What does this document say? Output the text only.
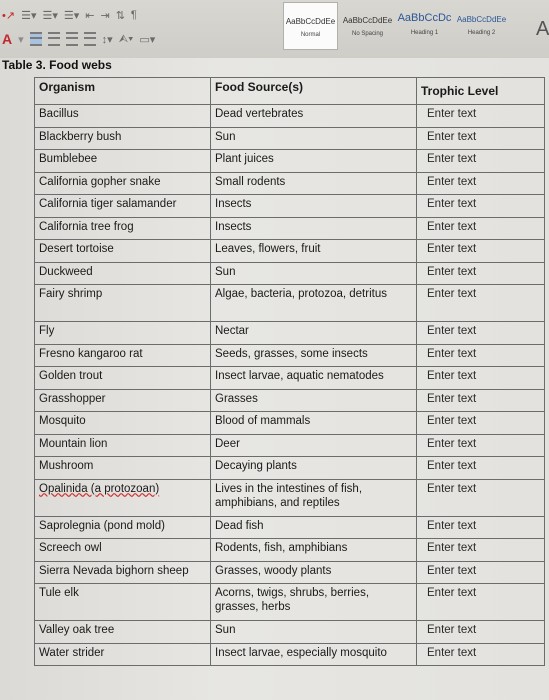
•↗ ☰▾ ☰▾ ☰▾ ⇤ ⇥ ⇅ ¶
A ▾	↕▾ ⮙▾ ▭▾
AaBbCcDdEe
Normal
AaBbCcDdEe
No Spacing
AaBbCcDc
Heading 1
AaBbCcDdEe
Heading 2	A
Table 3. Food webs
Organism	Food Source(s)	Trophic Level
Bacillus	Dead vertebrates	Enter text
Blackberry bush	Sun	Enter text
Bumblebee	Plant juices	Enter text
California gopher snake	Small rodents	Enter text
California tiger salamander	Insects	Enter text
California tree frog	Insects	Enter text
Desert tortoise	Leaves, flowers, fruit	Enter text
Duckweed	Sun	Enter text
Fairy shrimp	Algae, bacteria, protozoa, detritus	Enter text
Fly	Nectar	Enter text
Fresno kangaroo rat	Seeds, grasses, some insects	Enter text
Golden trout	Insect larvae, aquatic nematodes	Enter text
Grasshopper	Grasses	Enter text
Mosquito	Blood of mammals	Enter text
Mountain lion	Deer	Enter text
Mushroom	Decaying plants	Enter text
Opalinida (a protozoan)	Lives in the intestines of fish, amphibians, and reptiles	Enter text
Saprolegnia (pond mold)	Dead fish	Enter text
Screech owl	Rodents, fish, amphibians	Enter text
Sierra Nevada bighorn sheep	Grasses, woody plants	Enter text
Tule elk	Acorns, twigs, shrubs, berries, grasses, herbs	Enter text
Valley oak tree	Sun	Enter text
Water strider	Insect larvae, especially mosquito	Enter text
